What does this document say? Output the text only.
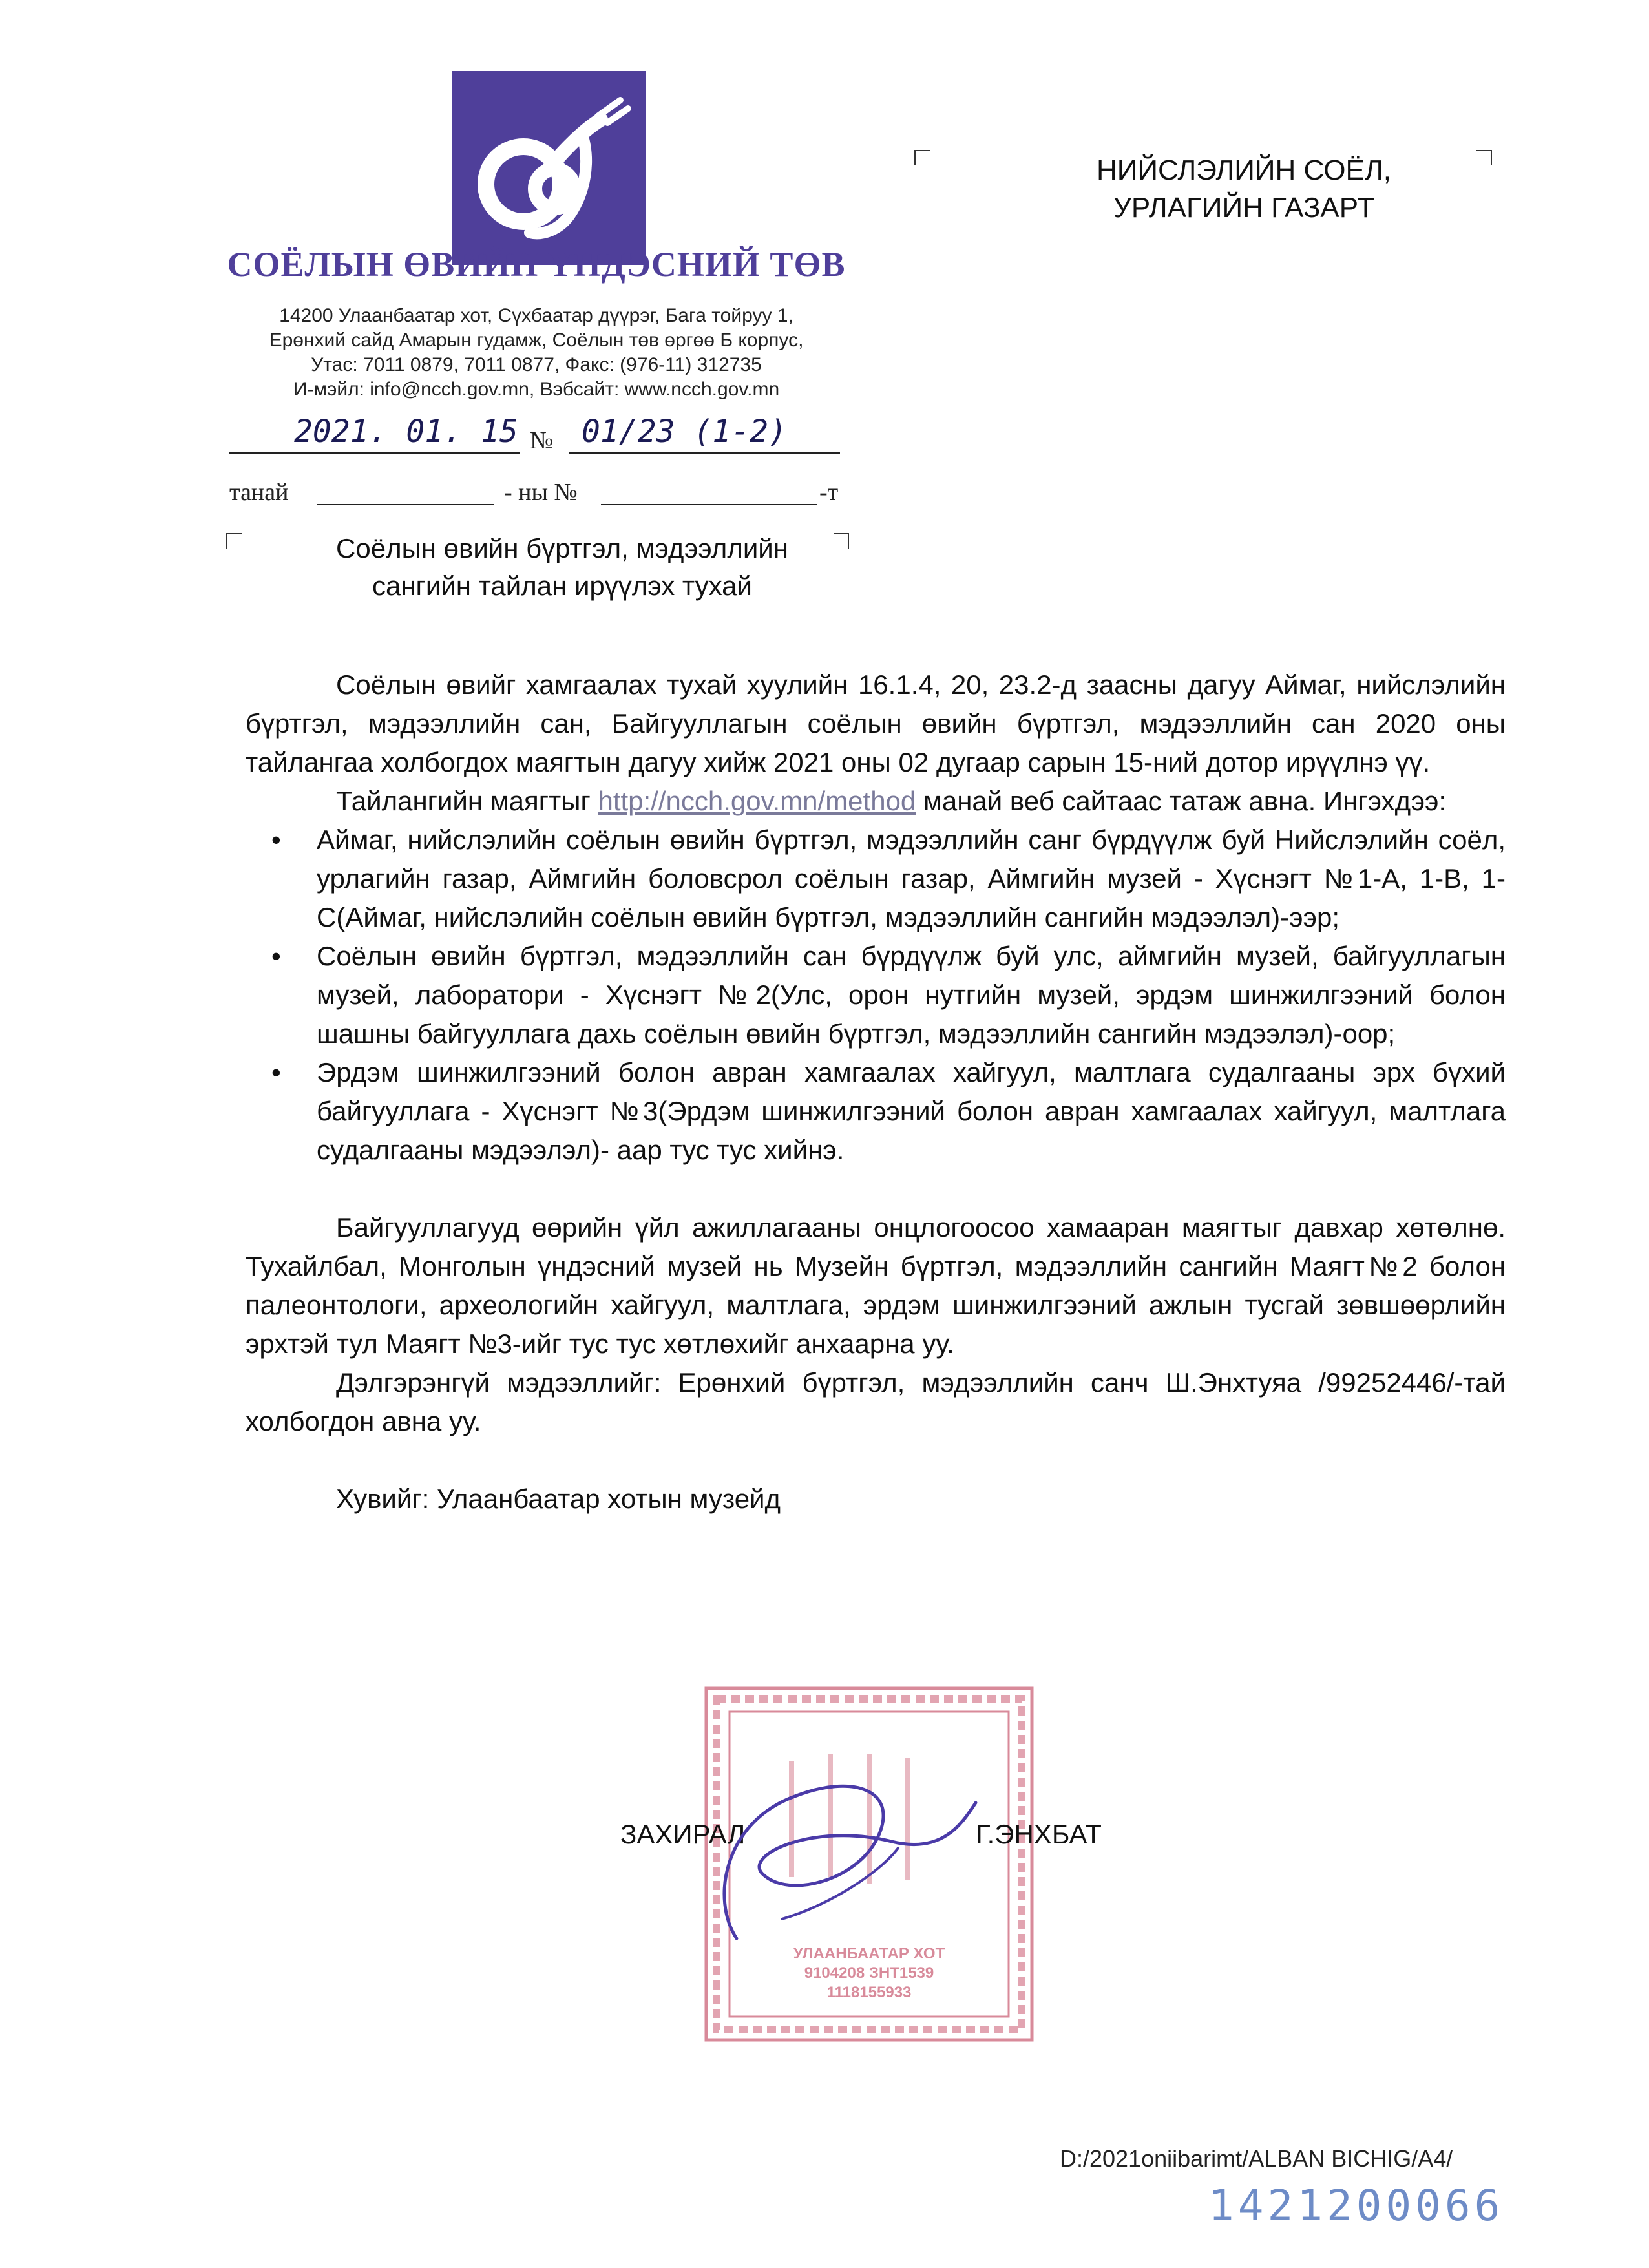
СОЁЛЫН ӨВИЙН ҮНДЭСНИЙ ТӨВ
14200 Улаанбаатар хот, Сүхбаатар дүүрэг, Бага тойруу 1,
Ерөнхий сайд Амарын гудамж, Соёлын төв өргөө Б корпус,
Утас: 7011 0879, 7011 0877, Факс: (976-11) 312735
И-мэйл: info@ncch.gov.mn, Вэбсайт: www.ncch.gov.mn
НИЙСЛЭЛИЙН СОЁЛ,
УРЛАГИЙН ГАЗАРТ
2021. 01. 15 № 01/23 (1-2)
танай	- ны №	-т
Соёлын өвийн бүртгэл, мэдээллийн
сангийн тайлан ирүүлэх тухай
Соёлын өвийг хамгаалах тухай хуулийн 16.1.4, 20, 23.2-д заасны дагуу Аймаг, нийслэлийн бүртгэл, мэдээллийн сан, Байгууллагын соёлын өвийн бүртгэл, мэдээллийн сан 2020 оны тайлангаа холбогдох маягтын дагуу хийж 2021 оны 02 дугаар сарын 15-ний дотор ирүүлнэ үү.
Тайлангийн маягтыг http://ncch.gov.mn/method манай веб сайтаас татаж авна. Ингэхдээ:
• Аймаг, нийслэлийн соёлын өвийн бүртгэл, мэдээллийн санг бүрдүүлж буй Нийслэлийн соёл, урлагийн газар, Аймгийн боловсрол соёлын газар, Аймгийн музей - Хүснэгт №1-А, 1-В, 1-С(Аймаг, нийслэлийн соёлын өвийн бүртгэл, мэдээллийн сангийн мэдээлэл)-ээр;
• Соёлын өвийн бүртгэл, мэдээллийн сан бүрдүүлж буй улс, аймгийн музей, байгууллагын музей, лаборатори - Хүснэгт №2(Улс, орон нутгийн музей, эрдэм шинжилгээний болон шашны байгууллага дахь соёлын өвийн бүртгэл, мэдээллийн сангийн мэдээлэл)-оор;
• Эрдэм шинжилгээний болон авран хамгаалах хайгуул, малтлага судалгааны эрх бүхий байгууллага - Хүснэгт №3(Эрдэм шинжилгээний болон авран хамгаалах хайгуул, малтлага судалгааны мэдээлэл)- аар тус тус хийнэ.
Байгууллагууд өөрийн үйл ажиллагааны онцлогоосоо хамааран маягтыг давхар хөтөлнө. Тухайлбал, Монголын үндэсний музей нь Музейн бүртгэл, мэдээллийн сангийн Маягт№2 болон палеонтологи, археологийн хайгуул, малтлага, эрдэм шинжилгээний ажлын тусгай зөвшөөрлийн эрхтэй тул Маягт №3-ийг тус тус хөтлөхийг анхаарна уу.
Дэлгэрэнгүй мэдээллийг: Ерөнхий бүртгэл, мэдээллийн санч Ш.Энхтуяа /99252446/-тай холбогдон авна уу.
Хувийг: Улаанбаатар хотын музейд
УЛААНБААТАР ХОТ
9104208 ЗНТ1539
1118155933
ЗАХИРАЛ	Г.ЭНХБАТ
D:/2021oniibarimt/ALBAN BICHIG/A4/
1421200066
